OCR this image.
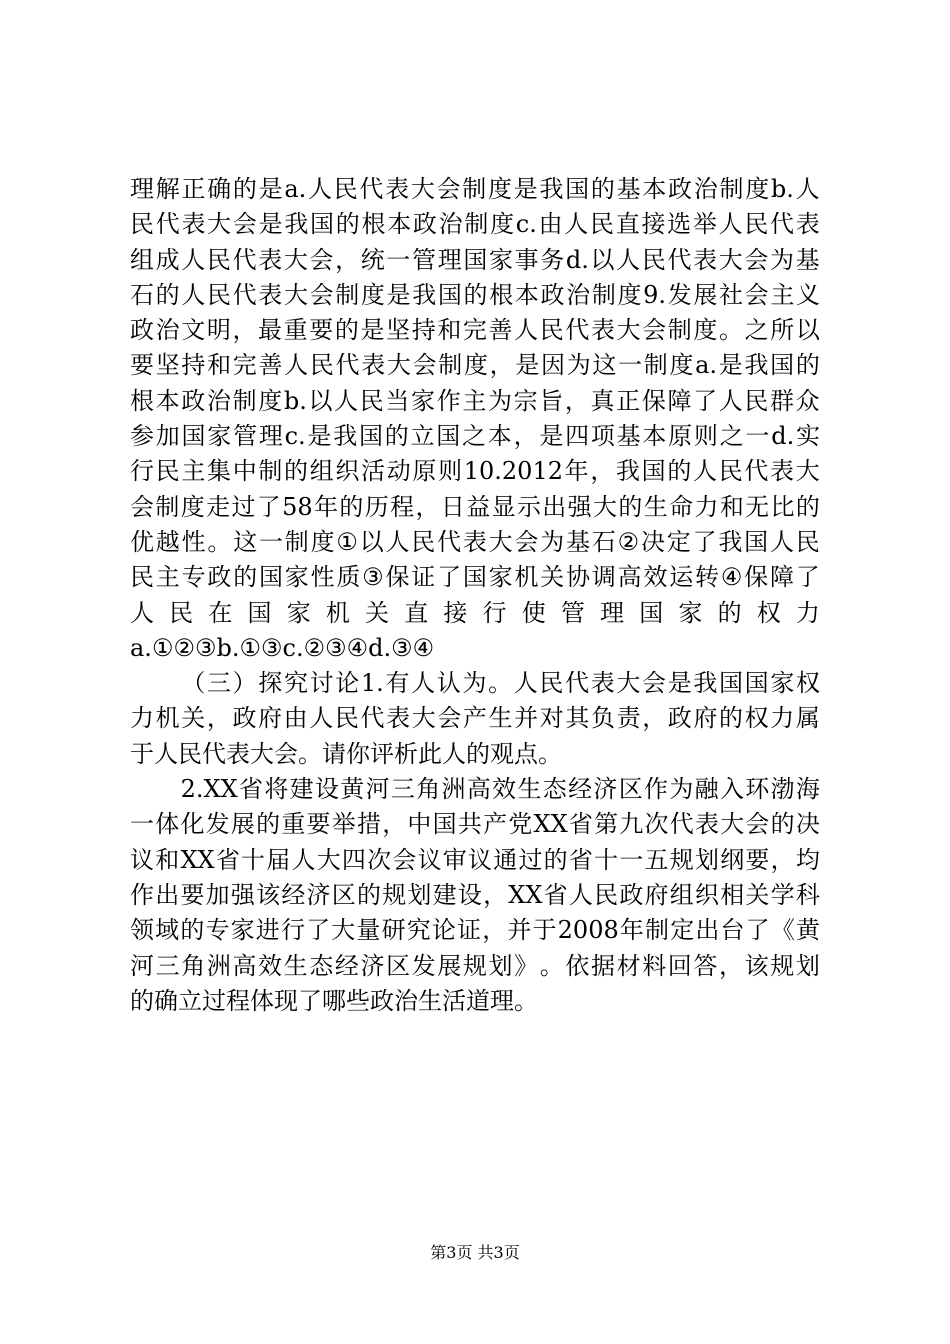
理 解 正 确 的 是 a. 人 民 代 表 大 会 制 度 是 我 国 的 基 本 政 治 制 度 b. 人
民 代 表 大 会 是 我 国 的 根 本 政 治 制 度 c. 由 人 民 直 接 选 举 人 民 代 表
组 成 人 民 代 表 大 会 ， 统 一 管 理 国 家 事 务 d. 以 人 民 代 表 大 会 为 基
石 的 人 民 代 表 大 会 制 度 是 我 国 的 根 本 政 治 制 度 9. 发 展 社 会 主 义
政 治 文 明 ， 最 重 要 的 是 坚 持 和 完 善 人 民 代 表 大 会 制 度 。 之 所 以
要 坚 持 和 完 善 人 民 代 表 大 会 制 度 ， 是 因 为 这 一 制 度 a. 是 我 国 的
根 本 政 治 制 度 b. 以 人 民 当 家 作 主 为 宗 旨 ， 真 正 保 障 了 人 民 群 众
参 加 国 家 管 理 c. 是 我 国 的 立 国 之 本 ， 是 四 项 基 本 原 则 之 一 d. 实
行 民 主 集 中 制 的 组 织 活 动 原 则 10.2012 年 ， 我 国 的 人 民 代 表 大
会 制 度 走 过 了 58 年 的 历 程 ， 日 益 显 示 出 强 大 的 生 命 力 和 无 比 的
优 越 性 。 这 一 制 度 ① 以 人 民 代 表 大 会 为 基 石 ② 决 定 了 我 国 人 民
民 主 专 政 的 国 家 性 质 ③ 保 证 了 国 家 机 关 协 调 高 效 运 转 ④ 保 障 了
人 民 在 国 家 机 关 直 接 行 使 管 理 国 家 的 权 力
a.①②③b.①③c.②③④d.③④

（ 三 ） 探 究 讨 论 1. 有 人 认 为 。 人 民 代 表 大 会 是 我 国 国 家 权
力 机 关 ， 政 府 由 人 民 代 表 大 会 产 生 并 对 其 负 责 ， 政 府 的 权 力 属
于人民代表大会。请你评析此人的观点。

2.XX 省 将 建 设 黄 河 三 角 洲 高 效 生 态 经 济 区 作 为 融 入 环 渤 海
一 体 化 发 展 的 重 要 举 措 ， 中 国 共 产 党 XX 省 第 九 次 代 表 大 会 的 决
议 和 XX 省 十 届 人 大 四 次 会 议 审 议 通 过 的 省 十 一 五 规 划 纲 要 ， 均
作 出 要 加 强 该 经 济 区 的 规 划 建 设 ， XX 省 人 民 政 府 组 织 相 关 学 科
领 域 的 专 家 进 行 了 大 量 研 究 论 证 ， 并 于 2008 年 制 定 出 台 了 《 黄
河 三 角 洲 高 效 生 态 经 济 区 发 展 规 划 》 。 依 据 材 料 回 答 ， 该 规 划
的确立过程体现了哪些政治生活道理。
第3页 共3页
